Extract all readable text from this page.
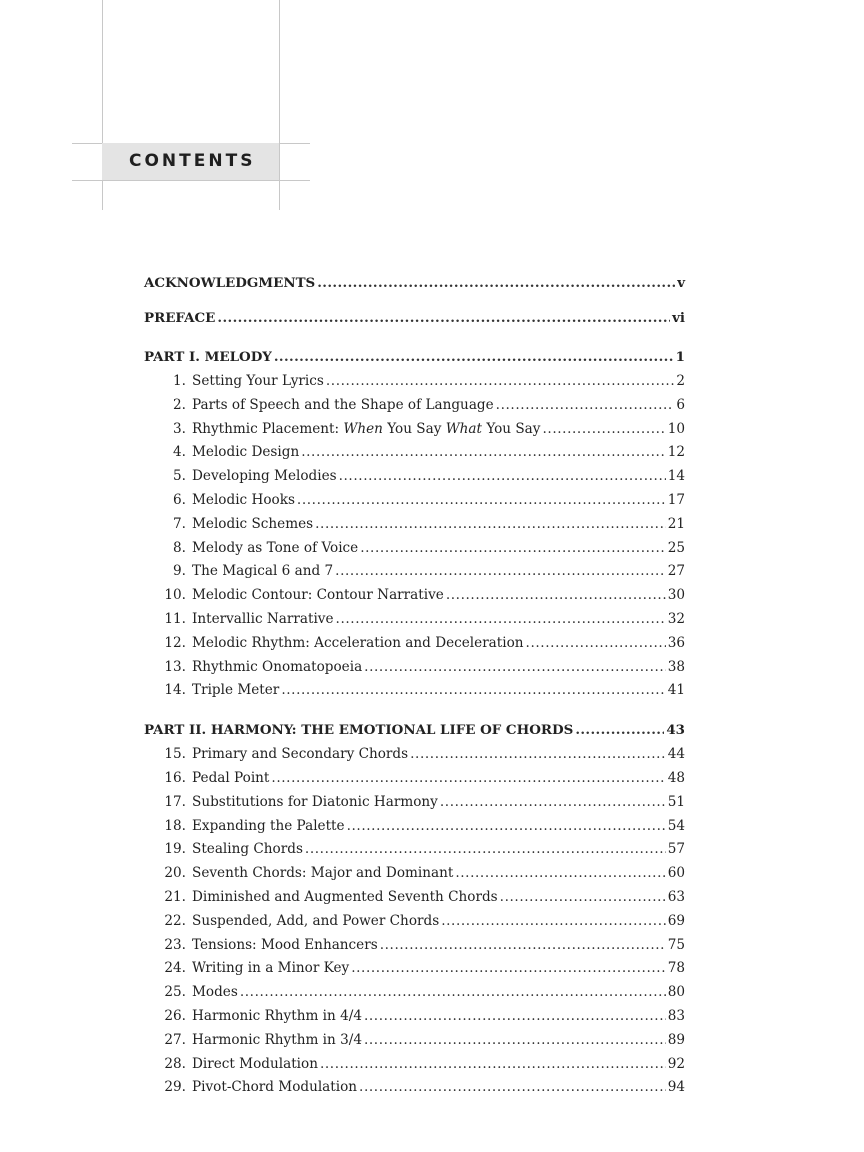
CONTENTS
ACKNOWLEDGMENTS .....	v
PREFACE .....	vi
PART I. MELODY .....	1
1. Setting Your Lyrics .....	2
2. Parts of Speech and the Shape of Language .....	6
3. Rhythmic Placement: When You Say What You Say .....	10
4. Melodic Design .....	12
5. Developing Melodies .....	14
6. Melodic Hooks .....	17
7. Melodic Schemes .....	21
8. Melody as Tone of Voice .....	25
9. The Magical 6 and 7 .....	27
10. Melodic Contour: Contour Narrative .....	30
11. Intervallic Narrative .....	32
12. Melodic Rhythm: Acceleration and Deceleration .....	36
13. Rhythmic Onomatopoeia .....	38
14. Triple Meter .....	41
PART II. HARMONY: THE EMOTIONAL LIFE OF CHORDS .....	43
15. Primary and Secondary Chords .....	44
16. Pedal Point .....	48
17. Substitutions for Diatonic Harmony .....	51
18. Expanding the Palette .....	54
19. Stealing Chords .....	57
20. Seventh Chords: Major and Dominant .....	60
21. Diminished and Augmented Seventh Chords .....	63
22. Suspended, Add, and Power Chords .....	69
23. Tensions: Mood Enhancers .....	75
24. Writing in a Minor Key .....	78
25. Modes .....	80
26. Harmonic Rhythm in 4/4 .....	83
27. Harmonic Rhythm in 3/4 .....	89
28. Direct Modulation .....	92
29. Pivot-Chord Modulation .....	94
